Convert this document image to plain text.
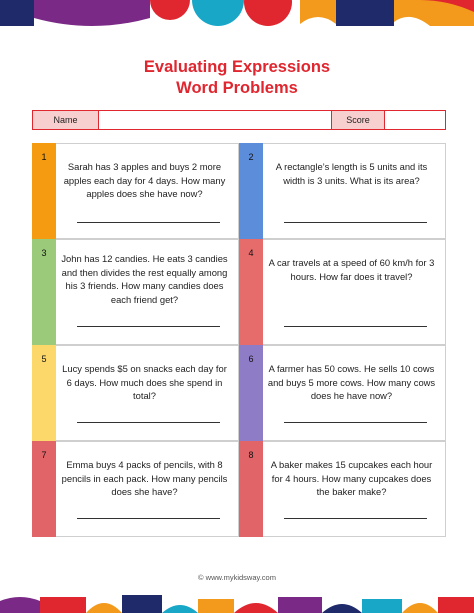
Evaluating Expressions
Word Problems
Name	Score
1
Sarah has 3 apples and buys 2 more apples each day for 4 days. How many apples does she have now?
2
A rectangle’s length is 5 units and its width is 3 units. What is its area?
3	John has 12 candies. He eats 3 candies and then divides the rest equally among his 3 friends. How many candies does each friend get?
4
A car travels at a speed of 60 km/h for 3 hours. How far does it travel?
5
Lucy spends $5 on snacks each day for 6 days. How much does she spend in total?
6
A farmer has 50 cows. He sells 10 cows and buys 5 more cows. How many cows does he have now?
7
Emma buys 4 packs of pencils, with 8 pencils in each pack. How many pencils does she have?
8
A baker makes 15 cupcakes each hour for 4 hours. How many cupcakes does the baker make?
© www.mykidsway.com
